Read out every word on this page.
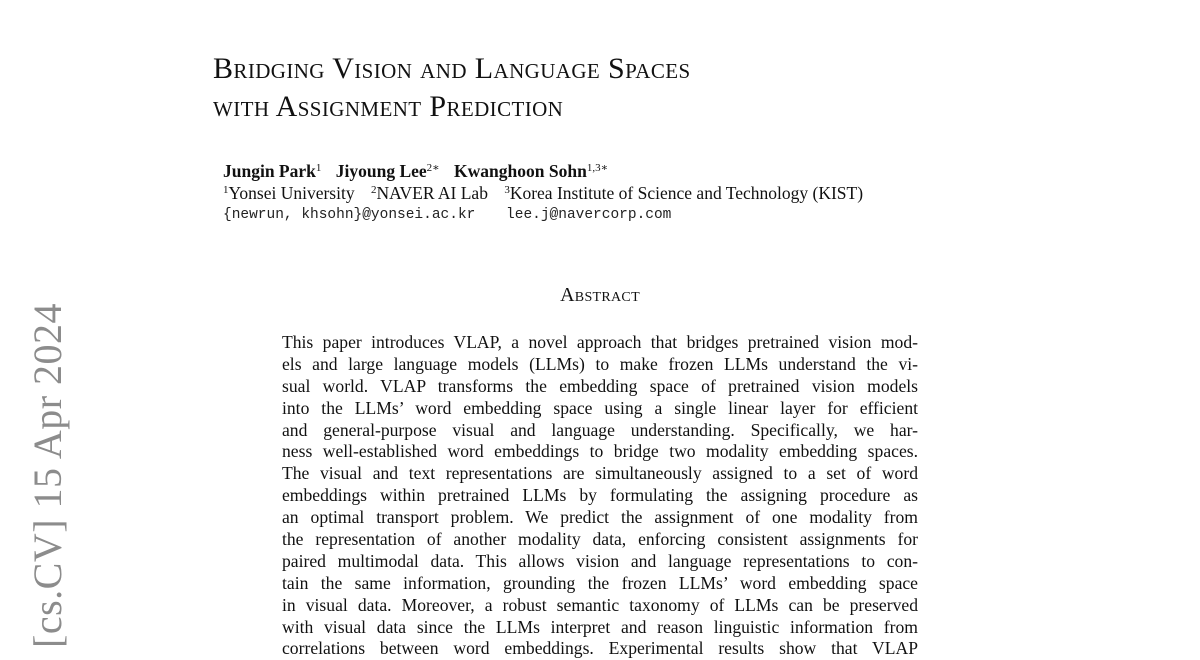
[cs.CV] 15 Apr 2024
Bridging Vision and Language Spaces
with Assignment Prediction
Jungin Park$^1$ Jiyoung Lee$^{2∗}$ Kwanghoon Sohn$^{1,3∗}$
$^1$Yonsei University $^2$NAVER AI Lab $^3$Korea Institute of Science and Technology (KIST)
{newrun, khsohn}@yonsei.ac.kr lee.j@navercorp.com
Abstract
This paper introduces VLAP, a novel approach that bridges pretrained vision mod-
els and large language models (LLMs) to make frozen LLMs understand the vi-
sual world. VLAP transforms the embedding space of pretrained vision models
into the LLMs’ word embedding space using a single linear layer for efficient
and general-purpose visual and language understanding. Specifically, we har-
ness well-established word embeddings to bridge two modality embedding spaces.
The visual and text representations are simultaneously assigned to a set of word
embeddings within pretrained LLMs by formulating the assigning procedure as
an optimal transport problem. We predict the assignment of one modality from
the representation of another modality data, enforcing consistent assignments for
paired multimodal data. This allows vision and language representations to con-
tain the same information, grounding the frozen LLMs’ word embedding space
in visual data. Moreover, a robust semantic taxonomy of LLMs can be preserved
with visual data since the LLMs interpret and reason linguistic information from
correlations between word embeddings. Experimental results show that VLAP
